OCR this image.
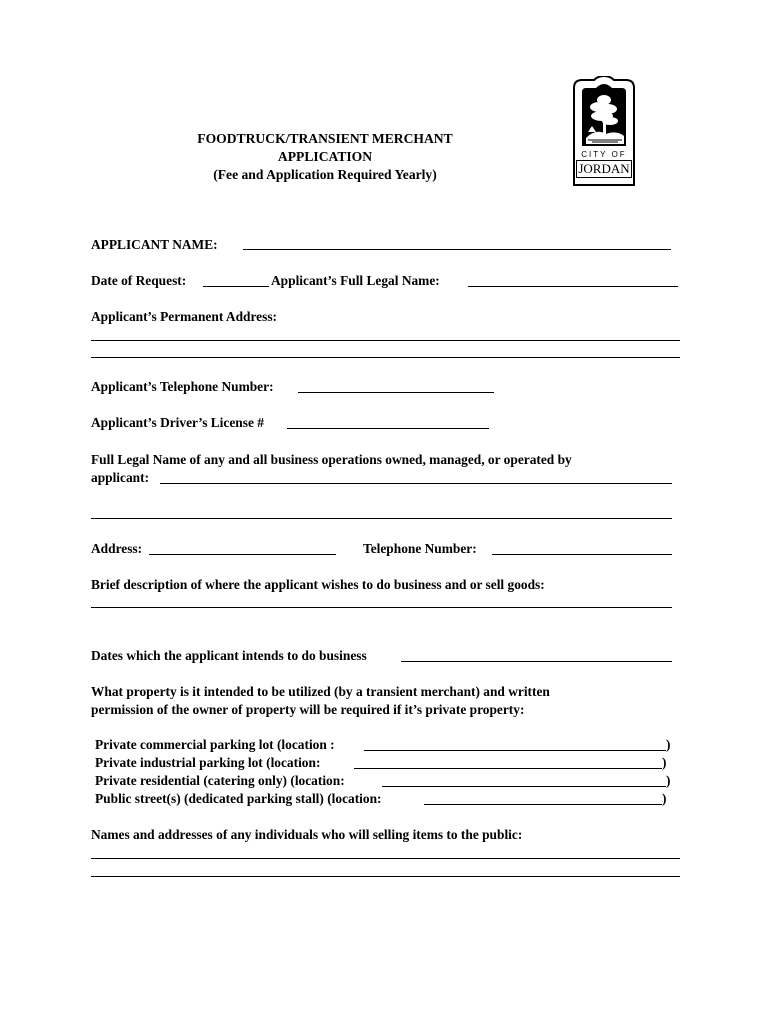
CITY OF
JORDAN
FOODTRUCK/TRANSIENT MERCHANT
APPLICATION
(Fee and Application Required Yearly)
APPLICANT NAME:
Date of Request:	Applicant’s Full Legal Name:
Applicant’s Permanent Address:
Applicant’s Telephone Number:
Applicant’s Driver’s License #
Full Legal Name of any and all business operations owned, managed, or operated by
applicant:
Address:	Telephone Number:
Brief description of where the applicant wishes to do business and or sell goods:
Dates which the applicant intends to do business
What property is it intended to be utilized (by a transient merchant) and written
permission of the owner of property will be required if it’s private property:
Private commercial parking lot (location :	)
Private industrial parking lot (location:	)
Private residential (catering only) (location:	)
Public street(s) (dedicated parking stall) (location:	)
Names and addresses of any individuals who will selling items to the public:
